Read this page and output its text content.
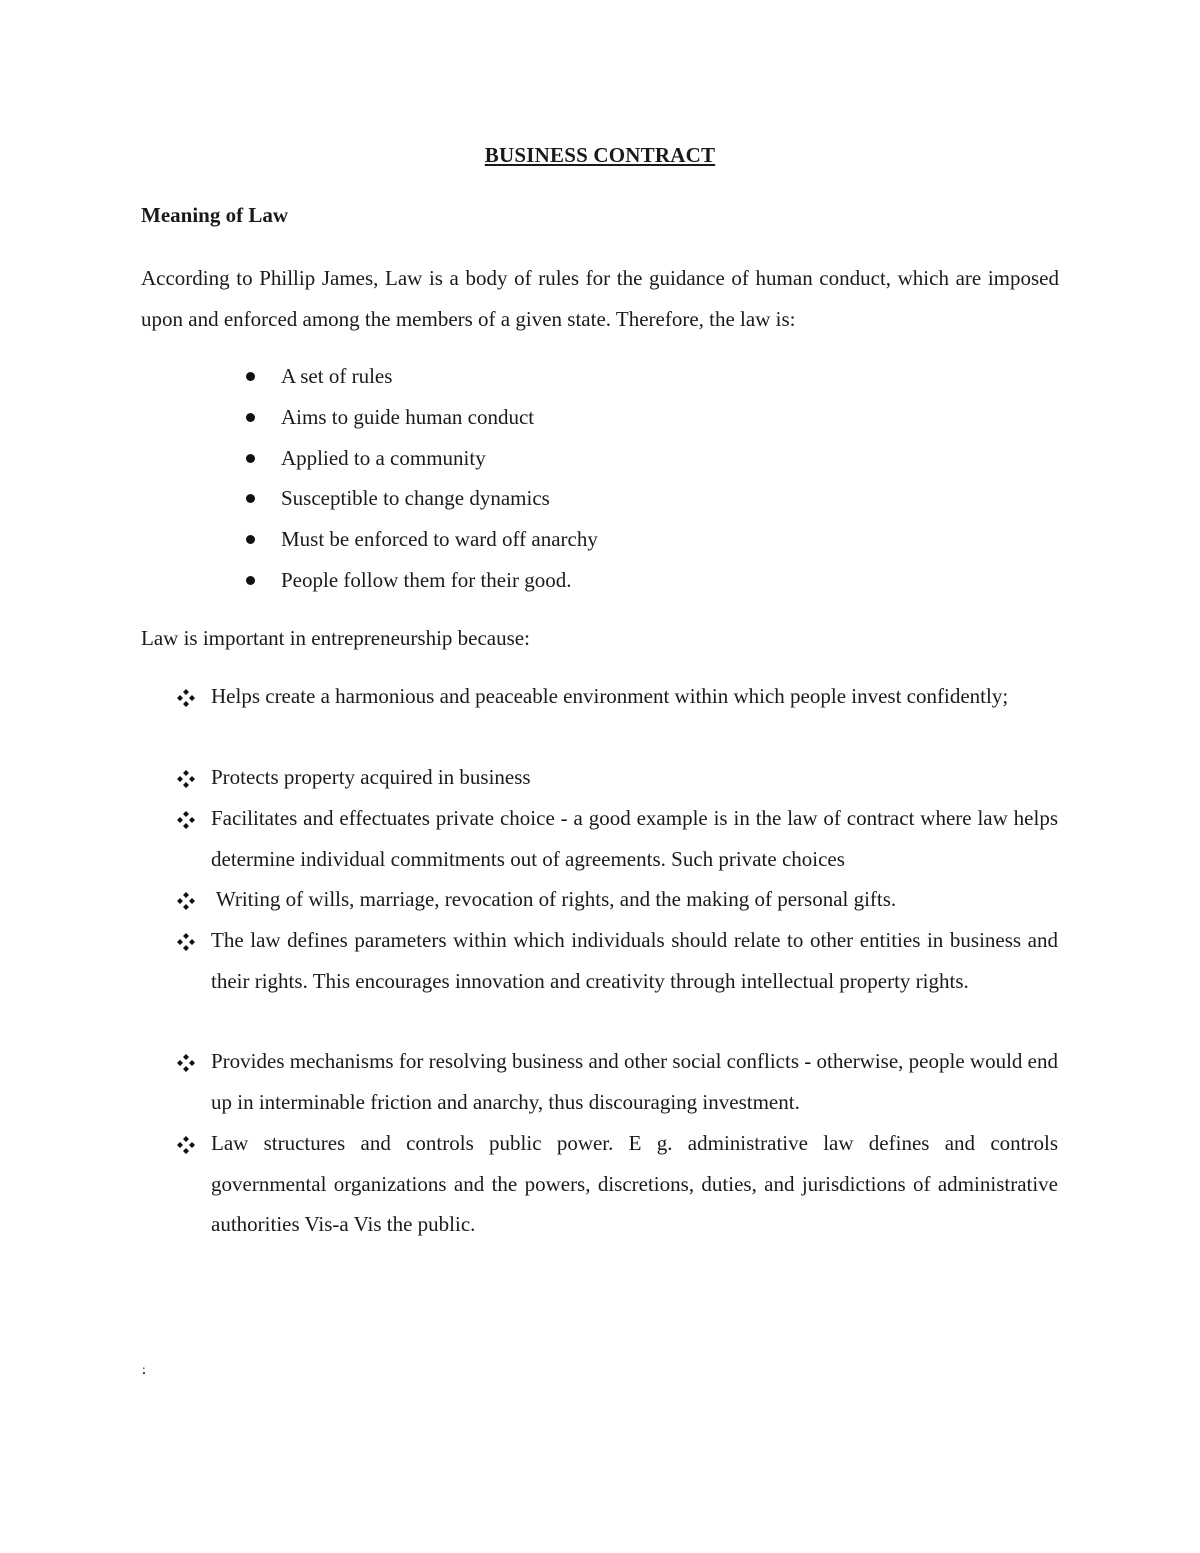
BUSINESS CONTRACT
Meaning of Law
According to Phillip James, Law is a body of rules for the guidance of human conduct, which are imposed upon and enforced among the members of a given state. Therefore, the law is:
A set of rules
Aims to guide human conduct
Applied to a community
Susceptible to change dynamics
Must be enforced to ward off anarchy
People follow them for their good.
Law is important in entrepreneurship because:
Helps create a harmonious and peaceable environment within which people invest confidently;
Protects property acquired in business
Facilitates and effectuates private choice - a good example is in the law of contract where law helps determine individual commitments out of agreements. Such private choices
Writing of wills, marriage, revocation of rights, and the making of personal gifts.
The law defines parameters within which individuals should relate to other entities in business and their rights. This encourages innovation and creativity through intellectual property rights.
Provides mechanisms for resolving business and other social conflicts - otherwise, people would end up in interminable friction and anarchy, thus discouraging investment.
Law structures and controls public power. E g. administrative law defines and controls governmental organizations and the powers, discretions, duties, and jurisdictions of administrative authorities Vis-a Vis the public.
.
